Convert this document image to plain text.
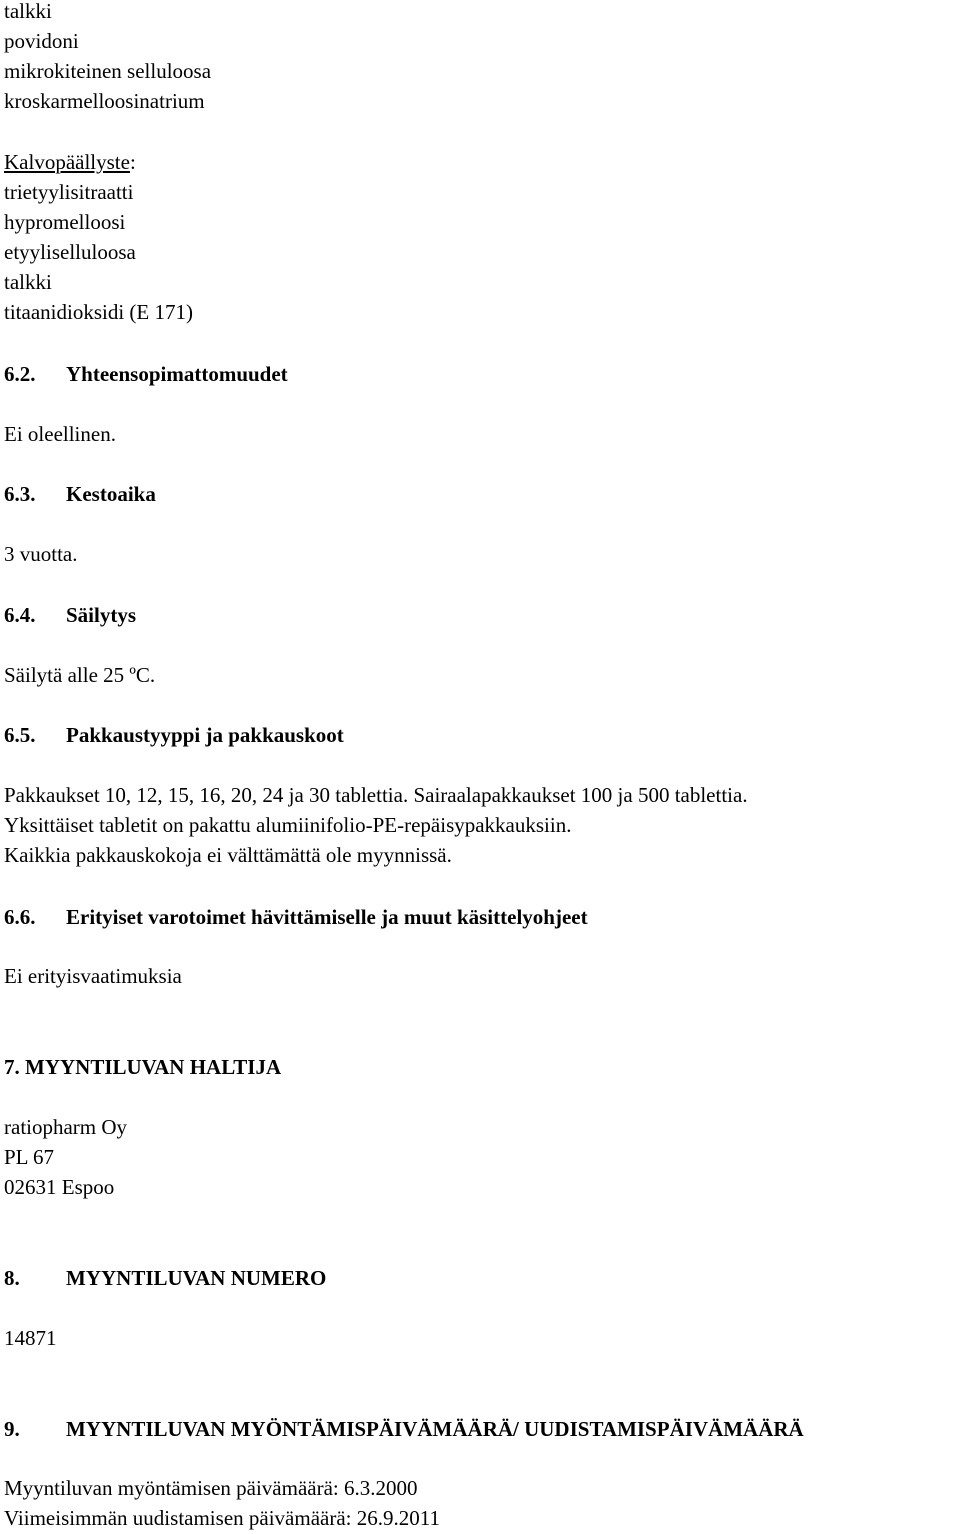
talkki
povidoni
mikrokiteinen selluloosa
kroskarmelloosinatrium
Kalvopäällyste:
trietyylisitraatti
hypromelloosi
etyyliselluloosa
talkki
titaanidioksidi (E 171)
6.2. Yhteensopimattomuudet
Ei oleellinen.
6.3. Kestoaika
3 vuotta.
6.4. Säilytys
Säilytä alle 25 ºC.
6.5. Pakkaustyyppi ja pakkauskoot
Pakkaukset 10, 12, 15, 16, 20, 24 ja 30 tablettia. Sairaalapakkaukset 100 ja 500 tablettia.
Yksittäiset tabletit on pakattu alumiinifolio-PE-repäisypakkauksiin.
Kaikkia pakkauskokoja ei välttämättä ole myynnissä.
6.6. Erityiset varotoimet hävittämiselle ja muut käsittelyohjeet
Ei erityisvaatimuksia
7. MYYNTILUVAN HALTIJA
ratiopharm Oy
PL 67
02631 Espoo
8. MYYNTILUVAN NUMERO
14871
9. MYYNTILUVAN MYÖNTÄMISPÄIVÄMÄÄRÄ/ UUDISTAMISPÄIVÄMÄÄRÄ
Myyntiluvan myöntämisen päivämäärä: 6.3.2000
Viimeisimmän uudistamisen päivämäärä: 26.9.2011
